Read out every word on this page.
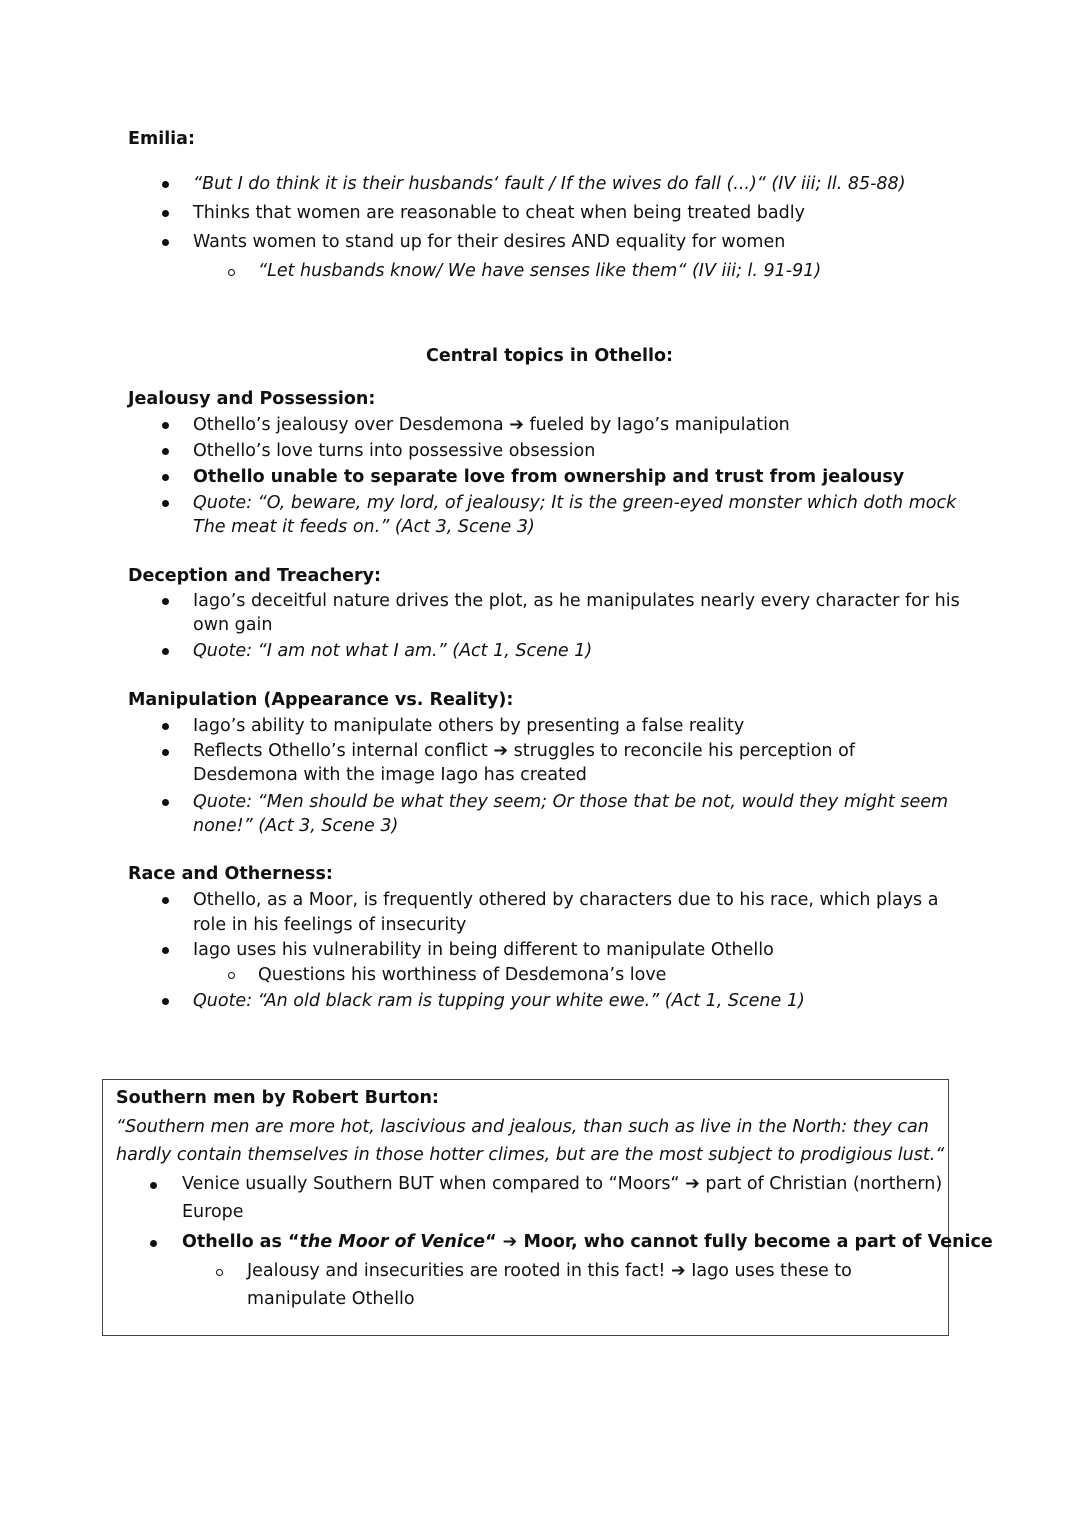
Emilia:
“But I do think it is their husbands‘ fault / If the wives do fall (...)“ (IV iii; ll. 85-88)
Thinks that women are reasonable to cheat when being treated badly
Wants women to stand up for their desires AND equality for women
“Let husbands know/ We have senses like them“ (IV iii; l. 91-91)
Central topics in Othello:
Jealousy and Possession:
Othello’s jealousy over Desdemona ➔ fueled by Iago’s manipulation
Othello’s love turns into possessive obsession
Othello unable to separate love from ownership and trust from jealousy
Quote: “O, beware, my lord, of jealousy; It is the green-eyed monster which doth mock
The meat it feeds on.” (Act 3, Scene 3)
Deception and Treachery:
Iago’s deceitful nature drives the plot, as he manipulates nearly every character for his
own gain
Quote: “I am not what I am.” (Act 1, Scene 1)
Manipulation (Appearance vs. Reality):
Iago’s ability to manipulate others by presenting a false reality
Reflects Othello’s internal conflict ➔ struggles to reconcile his perception of
Desdemona with the image Iago has created
Quote: “Men should be what they seem; Or those that be not, would they might seem
none!” (Act 3, Scene 3)
Race and Otherness:
Othello, as a Moor, is frequently othered by characters due to his race, which plays a
role in his feelings of insecurity
Iago uses his vulnerability in being different to manipulate Othello
Questions his worthiness of Desdemona’s love
Quote: “An old black ram is tupping your white ewe.” (Act 1, Scene 1)
Southern men by Robert Burton:
“Southern men are more hot, lascivious and jealous, than such as live in the North: they can
hardly contain themselves in those hotter climes, but are the most subject to prodigious lust.“
Venice usually Southern BUT when compared to “Moors“ ➔ part of Christian (northern)
Europe
Othello as “the Moor of Venice“ ➔ Moor, who cannot fully become a part of Venice
Jealousy and insecurities are rooted in this fact! ➔ Iago uses these to
manipulate Othello
